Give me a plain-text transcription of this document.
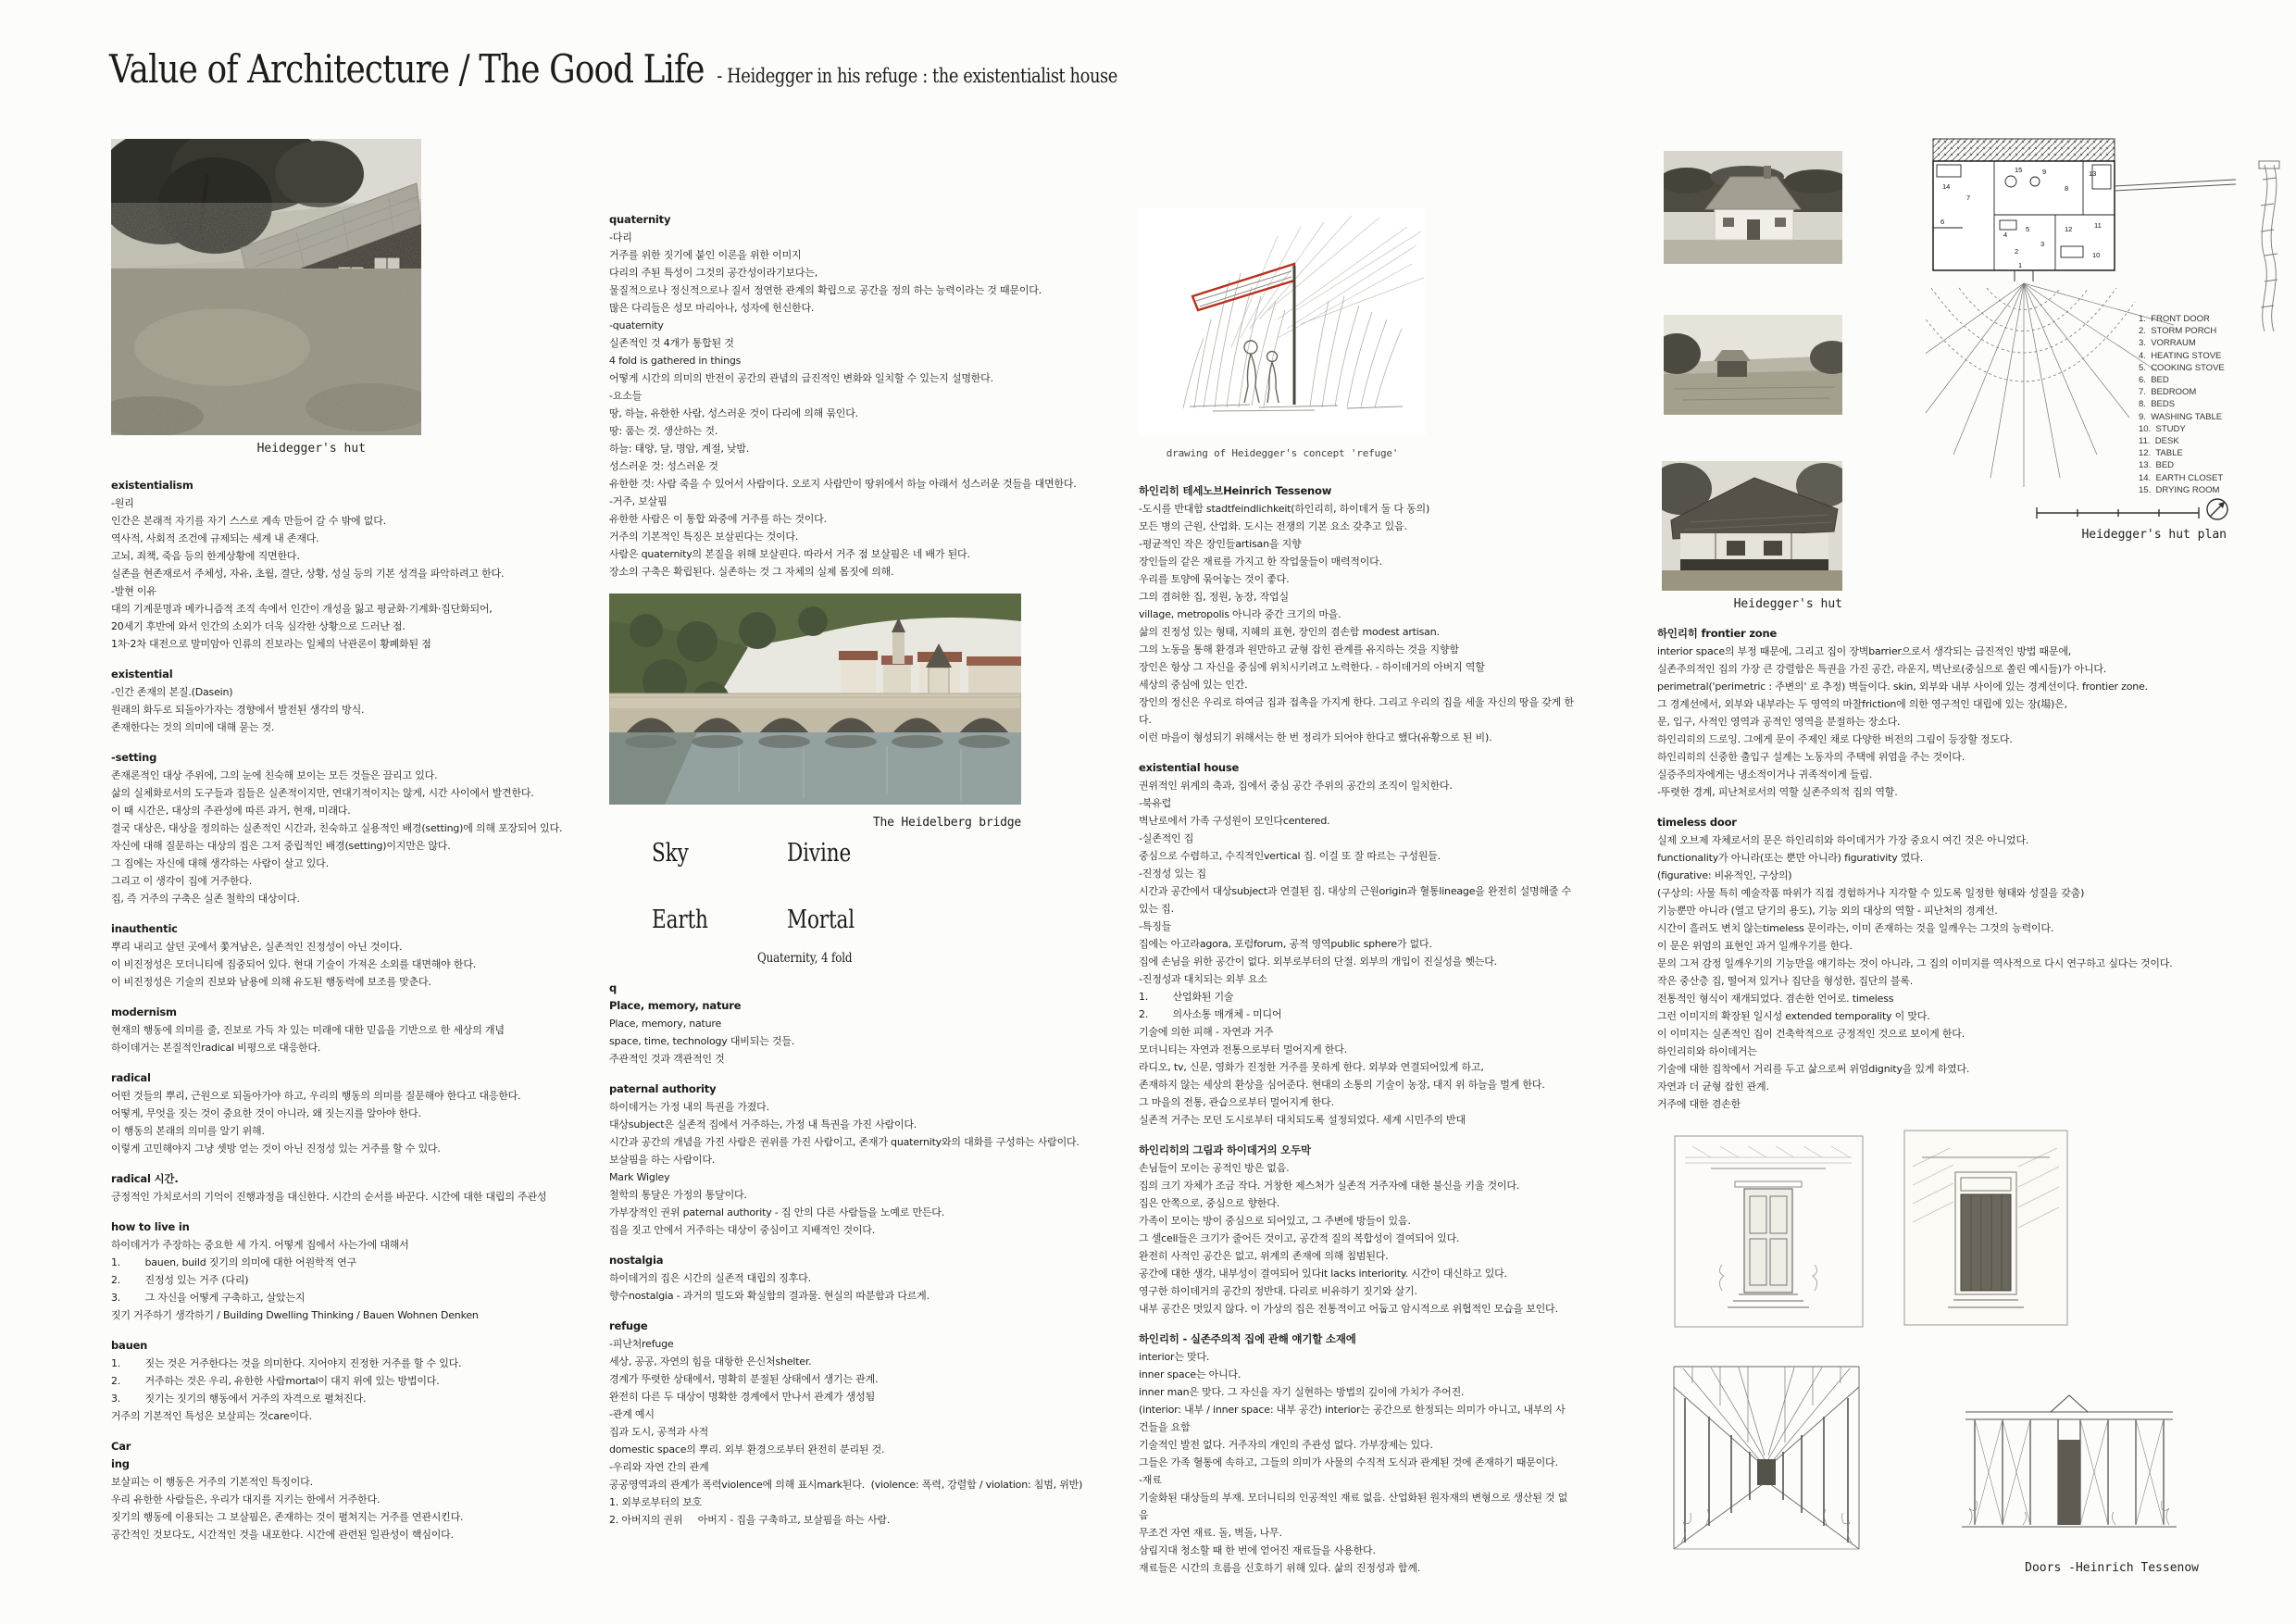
Value of Architecture / The Good Life - Heidegger in his refuge : the existentialist house
Heidegger's hut
existentialism
-원리
인간은 본래적 자기를 자기 스스로 계속 만들어 갈 수 밖에 없다.
역사적, 사회적 조건에 규제되는 세계 내 존재다.
고뇌, 죄책, 죽음 등의 한계상황에 직면한다.
실존을 현존재로서 주체성, 자유, 초월, 결단, 상황, 성실 등의 기본 성격을 파악하려고 한다.
-발현 이유
대의 기계문명과 메카니즘적 조직 속에서 인간이 개성을 잃고 평균화·기계화·집단화되어,
20세기 후반에 와서 인간의 소외가 더욱 심각한 상황으로 드러난 점.
1차·2차 대전으로 말미암아 인류의 진보라는 일체의 낙관론이 황폐화된 점
existential
-인간 존재의 본질.(Dasein)
원래의 화두로 되돌아가자는 경향에서 발전된 생각의 방식.
존재한다는 것의 의미에 대해 묻는 것.
-setting
존재론적인 대상 주위에, 그의 눈에 친숙해 보이는 모든 것들은 끌리고 있다.
삶의 실체화로서의 도구들과 집들은 실존적이지만, 연대기적이지는 않게, 시간 사이에서 발견한다.
이 때 시간은, 대상의 주관성에 따른 과거, 현재, 미래다.
결국 대상은, 대상을 정의하는 실존적인 시간과, 친숙하고 실용적인 배경(setting)에 의해 포장되어 있다.
자신에 대해 질문하는 대상의 집은 그저 중립적인 배경(setting)이지만은 않다.
그 집에는 자신에 대해 생각하는 사람이 살고 있다.
그리고 이 생각이 집에 거주한다.
집, 즉 거주의 구축은 실존 철학의 대상이다.
inauthentic
뿌리 내리고 살던 곳에서 쫓겨남은, 실존적인 진정성이 아닌 것이다.
이 비진정성은 모더니티에 집중되어 있다. 현대 기술이 가져온 소외를 대면해야 한다.
이 비진정성은 기술의 진보와 남용에 의해 유도된 행동력에 보조를 맞춘다.
modernism
현재의 행동에 의미를 줄, 진보로 가득 차 있는 미래에 대한 믿음을 기반으로 한 세상의 개념
하이데거는 본질적인radical 비평으로 대응한다.
radical
어떤 것들의 뿌리, 근원으로 되돌아가야 하고, 우리의 행동의 의미를 질문해야 한다고 대응한다.
어떻게, 무엇을 짓는 것이 중요한 것이 아니라, 왜 짓는지를 알아야 한다.
이 행동의 본래의 의미를 알기 위해.
이렇게 고민해야지 그냥 셋방 얻는 것이 아닌 진정성 있는 거주를 할 수 있다.
radical 시간.
긍정적인 가치로서의 기억이 진행과정을 대신한다. 시간의 순서를 바꾼다. 시간에 대한 대립의 주관성
how to live in
하이데거가 주장하는 중요한 세 가지. 어떻게 집에서 사는가에 대해서
1.        bauen, build 짓기의 의미에 대한 어원학적 연구
2.        진정성 있는 거주 (다리)
3.        그 자신을 어떻게 구축하고, 살았는지
짓기 거주하기 생각하기 / Building Dwelling Thinking / Bauen Wohnen Denken
bauen
1.        짓는 것은 거주한다는 것을 의미한다. 지어야지 진정한 거주를 할 수 있다.
2.        거주하는 것은 우리, 유한한 사람mortal이 대지 위에 있는 방법이다.
3.        짓기는 짓기의 행동에서 거주의 자격으로 펼쳐진다.
거주의 기본적인 특성은 보살피는 것care이다.
Car
ing
보살피는 이 행동은 거주의 기본적인 특징이다.
우리 유한한 사람들은, 우리가 대지를 지키는 한에서 거주한다.
짓기의 행동에 이용되는 그 보살핌은, 존재하는 것이 펼쳐지는 거주를 연관시킨다.
공간적인 것보다도, 시간적인 것을 내포한다. 시간에 관련된 일관성이 핵심이다.
quaternity
-다리
거주를 위한 짓기에 붙인 이론을 위한 이미지
다리의 주된 특성이 그것의 공간성이라기보다는,
물질적으로나 정신적으로나 질서 정연한 관계의 확립으로 공간을 정의 하는 능력이라는 것 때문이다.
많은 다리들은 성모 마리아나, 성자에 헌신한다.
-quaternity
실존적인 것 4개가 통합된 것
4 fold is gathered in things
어떻게 시간의 의미의 반전이 공간의 관념의 급진적인 변화와 일치할 수 있는지 설명한다.
-요소들
땅, 하늘, 유한한 사람, 성스러운 것이 다리에 의해 묶인다.
땅: 품는 것. 생산하는 것.
하늘: 태양, 달, 명암, 계절, 낮밤.
성스러운 것: 성스러운 것
유한한 것: 사람 죽을 수 있어서 사람이다. 오로지 사람만이 땅위에서 하늘 아래서 성스러운 것들을 대면한다.
-거주, 보살핌
유한한 사람은 이 통합 와중에 거주를 하는 것이다.
거주의 기본적인 특징은 보살핀다는 것이다.
사람은 quaternity의 본질을 위해 보살핀다. 따라서 거주 점 보살핌은 네 배가 된다.
장소의 구축은 확립된다. 실존하는 것 그 자체의 실제 몸짓에 의해.
The Heidelberg bridge
Sky	Divine
Earth	Mortal
Quaternity, 4 fold
q
Place, memory, nature
Place, memory, nature
space, time, technology 대비되는 것들.
주관적인 것과 객관적인 것
paternal authority
하이데거는 가정 내의 특권을 가졌다.
대상subject은 실존적 집에서 거주하는, 가정 내 특권을 가진 사람이다.
시간과 공간의 개념을 가진 사람은 권위를 가진 사람이고, 존재가 quaternity와의 대화를 구성하는 사람이다.
보살핌을 하는 사람이다.
Mark Wigley
철학의 통달은 가정의 통달이다.
가부장적인 권위 paternal authority - 집 안의 다른 사람들을 노예로 만든다.
집을 짓고 안에서 거주하는 대상이 중심이고 지배적인 것이다.
nostalgia
하이데거의 집은 시간의 실존적 대립의 징후다.
향수nostalgia - 과거의 밀도와 확실함의 결과물. 현실의 따분함과 다르게.
refuge
-피난처refuge
세상, 공공, 자연의 힘을 대항한 은신처shelter.
경계가 뚜렷한 상태에서, 명확히 분절된 상태에서 생기는 관계.
완전히 다른 두 대상이 명확한 경계에서 만나서 관계가 생성됨
-관계 예시
집과 도시, 공적과 사적
domestic space의 뿌리. 외부 환경으로부터 완전히 분리된 것.
-우리와 자연 간의 관계
공공영역과의 관계가 폭력violence에 의해 표시mark된다.  (violence: 폭력, 강렬함 / violation: 침범, 위반)
1. 외부로부터의 보호
2. 아버지의 권위     아버지 - 집을 구축하고, 보살핌을 하는 사람.
drawing of Heidegger's concept 'refuge'
하인리히 테세노브Heinrich Tessenow
-도시를 반대함 stadtfeindlichkeit(하인리히, 하이데거 둘 다 동의)
모든 병의 근원, 산업화. 도시는 전쟁의 기본 요소 갖추고 있음.
-평균적인 작은 장인들artisan을 지향
장인들의 같은 재료를 가지고 한 작업물들이 매력적이다.
우리를 토양에 묶어놓는 것이 좋다.
그의 겸허한 집, 정원, 농장, 작업실
village, metropolis 아니라 중간 크기의 마을.
삶의 진정성 있는 형태, 지혜의 표현, 장인의 겸손함 modest artisan.
그의 노동을 통해 환경과 원만하고 균형 잡힌 관계를 유지하는 것을 지향함
장인은 항상 그 자신을 중심에 위치시키려고 노력한다. - 하이데거의 아버지 역할
세상의 중심에 있는 인간.
장인의 정신은 우리로 하여금 집과 접촉을 가지게 한다. 그리고 우리의 집을 세울 자신의 땅을 갖게 한다.
이런 마을이 형성되기 위해서는 한 번 정리가 되어야 한다고 했다(유황으로 된 비).
existential house
권위적인 위계의 축과, 집에서 중심 공간 주위의 공간의 조직이 일치한다.
-북유럽
벽난로에서 가족 구성원이 모인다centered.
-실존적인 집
중심으로 수렴하고, 수직적인vertical 집. 이걸 또 잘 따르는 구성원들.
-진정성 있는 집
시간과 공간에서 대상subject과 연결된 집. 대상의 근원origin과 혈통lineage을 완전히 설명해줄 수 있는 집.
-특징들
집에는 아고라agora, 포럼forum, 공적 영역public sphere가 없다.
집에 손님을 위한 공간이 없다. 외부로부터의 단절. 외부의 개입이 진실성을 헷는다.
-진정성과 대치되는 외부 요소
1.        산업화된 기술
2.        의사소통 매개체 - 미디어
기술에 의한 피해 - 자연과 거주
모더니티는 자연과 전통으로부터 멀어지게 한다.
라디오, tv, 신문, 영화가 진정한 거주를 못하게 한다. 외부와 연결되어있게 하고,
존재하지 않는 세상의 환상을 심어준다. 현대의 소통의 기술이 농장, 대지 위 하늘을 멀게 한다.
그 마을의 전통, 관습으로부터 멀어지게 한다.
실존적 거주는 모던 도시로부터 대치되도록 설정되었다. 세계 시민주의 반대
하인리히의 그림과 하이데거의 오두막
손님들이 모이는 공적인 방은 없음.
집의 크기 자체가 조금 작다. 거창한 제스처가 실존적 거주자에 대한 불신을 키울 것이다.
집은 안쪽으로, 중심으로 향한다.
가족이 모이는 방이 중심으로 되어있고, 그 주변에 방들이 있음.
그 셀cell들은 크기가 줄어든 것이고, 공간적 질의 복합성이 결여되어 있다.
완전히 사적인 공간은 없고, 위계의 존재에 의해 침범된다.
공간에 대한 생각, 내부성이 결여되어 있다it lacks interiority. 시간이 대신하고 있다.
영구한 하이데거의 공간의 정반대. 다리로 비유하기 짓기와 살기.
내부 공간은 멋있지 않다. 이 가상의 집은 전통적이고 어둡고 암시적으로 위협적인 모습을 보인다.
하인리히 - 실존주의적 집에 관해 얘기할 소재에
interior는 맞다.
inner space는 아니다.
inner man은 맞다. 그 자신을 자기 실현하는 방법의 깊이에 가치가 주어진.
(interior: 내부 / inner space: 내부 공간) interior는 공간으로 한정되는 의미가 아니고, 내부의 사건들을 요함
기술적인 발전 없다. 거주자의 개인의 주관성 없다. 가부장제는 있다.
그들은 가족 혈통에 속하고, 그들의 의미가 사물의 수직적 도식과 관계된 것에 존재하기 때문이다.
-재료
기술화된 대상들의 부재. 모더니티의 인공적인 재료 없음. 산업화된 원자재의 변형으로 생산된 것 없음
무조건 자연 재료. 돌, 벽돌, 나무.
삼림지대 청소할 때 한 번에 얻어진 재료들을 사용한다.
재료들은 시간의 흐름을 신호하기 위해 있다. 삶의 진정성과 함께.
하인리히 frontier zone
interior space의 부정 때문에, 그리고 집이 장벽barrier으로서 생각되는 급진적인 방법 때문에,
실존주의적인 집의 가장 큰 강렬함은 특권을 가진 공간, 라운지, 벽난로(중심으로 쏠린 예시들)가 아니다.
perimetral('perimetric : 주변의' 로 추정) 벽들이다. skin, 외부와 내부 사이에 있는 경계선이다. frontier zone.
그 경계선에서, 외부와 내부라는 두 영역의 마찰friction에 의한 영구적인 대립에 있는 장(場)은,
문, 입구, 사적인 영역과 공적인 영역을 분절하는 장소다.
하인리히의 드로잉. 그에게 문이 주제인 채로 다양한 버전의 그림이 등장할 정도다.
하인리히의 신중한 출입구 설계는 노동자의 주택에 위엄을 주는 것이다.
실증주의자에게는 냉소적이거나 귀족적이게 들림.
-뚜렷한 경계, 피난처로서의 역할 실존주의적 집의 역할.
timeless door
실제 오브제 자체로서의 문은 하인리히와 하이데거가 가장 중요시 여긴 것은 아니었다.
functionality가 아니라(또는 뿐만 아니라) figurativity 였다.
(figurative: 비유적인, 구상의)
(구상의: 사물 특히 예술작품 따위가 직접 경험하거나 지각할 수 있도록 일정한 형태와 성질을 갖춤)
기능뿐만 아니라 (열고 닫기의 용도), 기능 외의 대상의 역할 - 피난처의 경계선.
시간이 흘러도 변치 않는timeless 문이라는, 이미 존재하는 것을 일깨우는 그것의 능력이다.
이 문은 위엄의 표현인 과거 일깨우기를 한다.
문의 그저 감정 일깨우기의 기능만을 얘기하는 것이 아니라, 그 집의 이미지를 역사적으로 다시 연구하고 싶다는 것이다.
작은 중산층 집, 떨어져 있거나 집단을 형성한, 집단의 블록.
전통적인 형식이 재개되었다. 겸손한 언어로. timeless
그런 이미지의 확장된 일시성 extended temporality 이 맞다.
이 이미지는 실존적인 집이 건축학적으로 긍정적인 것으로 보이게 한다.
하인리히와 하이데거는
기술에 대한 집착에서 거리를 두고 삶으로써 위엄dignity을 있게 하였다.
자연과 더 균형 잡힌 관계.
거주에 대한 겸손한
Heidegger's hut
14
15	9	13
8
7
6
4
5
3
12	11
10
2
1
1.  FRONT DOOR
2.  STORM PORCH
3.  VORRAUM
4.  HEATING STOVE
5.  COOKING STOVE
6.  BED
7.  BEDROOM
8.  BEDS
9.  WASHING TABLE
10.  STUDY
11.  DESK
12.  TABLE
13.  BED
14.  EARTH CLOSET
15.  DRYING ROOM
Heidegger's hut plan
Doors -Heinrich Tessenow
